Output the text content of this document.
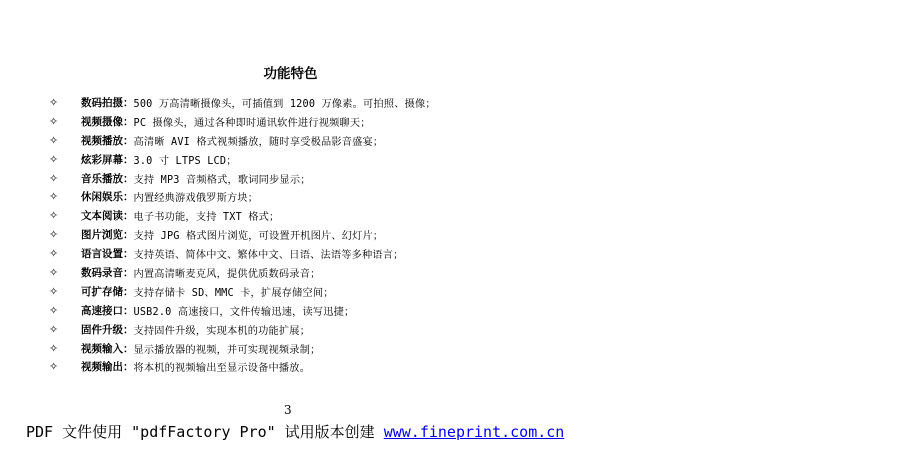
功能特色
✧	数码拍摄： 500 万高清晰摄像头，可插值到 1200 万像素。可拍照、摄像；
✧	视频摄像： PC 摄像头，通过各种即时通讯软件进行视频聊天；
✧	视频播放： 高清晰 AVI 格式视频播放，随时享受极品影音盛宴；
✧	炫彩屏幕： 3.0 寸 LTPS LCD；
✧	音乐播放： 支持 MP3 音频格式，歌词同步显示；
✧	休闲娱乐： 内置经典游戏俄罗斯方块；
✧	文本阅读： 电子书功能，支持 TXT 格式；
✧	图片浏览： 支持 JPG 格式图片浏览，可设置开机图片、幻灯片；
✧	语言设置： 支持英语、简体中文、繁体中文、日语、法语等多种语言；
✧	数码录音： 内置高清晰麦克风，提供优质数码录音；
✧	可扩存储： 支持存储卡 SD、MMC 卡，扩展存储空间；
✧	高速接口： USB2.0 高速接口，文件传输迅速，读写迅捷；
✧	固件升级： 支持固件升级，实现本机的功能扩展；
✧	视频输入： 显示播放器的视频，并可实现视频录制；
✧	视频输出： 将本机的视频输出至显示设备中播放。
3
PDF 文件使用 "pdfFactory Pro" 试用版本创建 www.fineprint.com.cn
